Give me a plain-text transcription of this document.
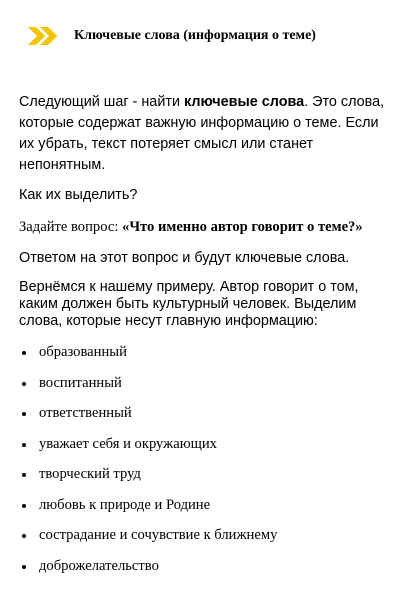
Ключевые слова (информация о теме)

Следующий шаг - найти ключевые слова. Это слова, которые содержат важную информацию о теме. Если их убрать, текст потеряет смысл или станет непонятным.

Как их выделить?

Задайте вопрос: «Что именно автор говорит о теме?»

Ответом на этот вопрос и будут ключевые слова.

Вернёмся к нашему примеру. Автор говорит о том, каким должен быть культурный человек. Выделим слова, которые несут главную информацию:

образованный
воспитанный
ответственный
уважает себя и окружающих
творческий труд
любовь к природе и Родине
сострадание и сочувствие к ближнему
доброжелательство
